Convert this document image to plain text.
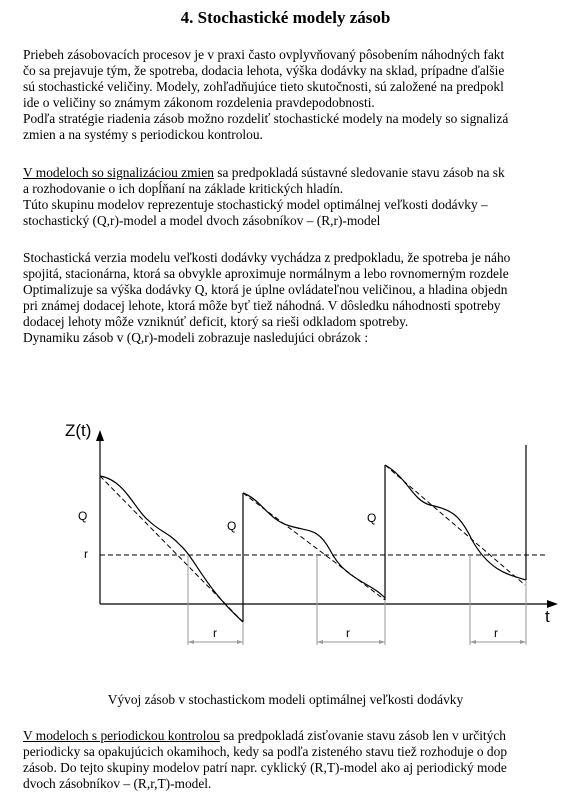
4. Stochastické modely zásob
Priebeh zásobovacích procesov je v praxi často ovplyvňovaný pôsobením náhodných fakt
čo sa prejavuje tým, že spotreba, dodacia lehota, výška dodávky na sklad, prípadne ďalšie
sú stochastické veličiny. Modely, zohľadňujúce tieto skutočnosti, sú založené na predpokl
ide o veličiny so známym zákonom rozdelenia pravdepodobnosti.
Podľa stratégie riadenia zásob možno rozdeliť stochastické modely na modely so signalizá
zmien a na systémy s periodickou kontrolou.
V modeloch so signalizáciou zmien sa predpokladá sústavné sledovanie stavu zásob na sk
a rozhodovanie o ich dopĺňaní na základe kritických hladín.
Túto skupinu modelov reprezentuje stochastický model optimálnej veľkosti dodávky –
stochastický (Q,r)-model a model dvoch zásobníkov – (R,r)-model
Stochastická verzia modelu veľkosti dodávky vychádza z predpokladu, že spotreba je náho
spojitá, stacionárna, ktorá sa obvykle aproximuje normálnym a lebo rovnomerným rozdele
Optimalizuje sa výška dodávky Q, ktorá je úplne ovládateľnou veličinou, a hladina objedn
pri známej dodacej lehote, ktorá môže byť tiež náhodná. V dôsledku náhodnosti spotreby
dodacej lehoty môže vzniknúť deficit, ktorý sa rieši odkladom spotreby.
Dynamiku zásob v (Q,r)-modeli zobrazuje nasledujúci obrázok :
Z(t)
t
r
Q
Q
Q
r	r	r
Vývoj zásob v stochastickom modeli optimálnej veľkosti dodávky
V modeloch s periodickou kontrolou sa predpokladá zisťovanie stavu zásob len v určitých
periodicky sa opakujúcich okamihoch, kedy sa podľa zisteného stavu tiež rozhoduje o dop
zásob. Do tejto skupiny modelov patrí napr. cyklický (R,T)-model ako aj periodický mode
dvoch zásobníkov – (R,r,T)-model.
